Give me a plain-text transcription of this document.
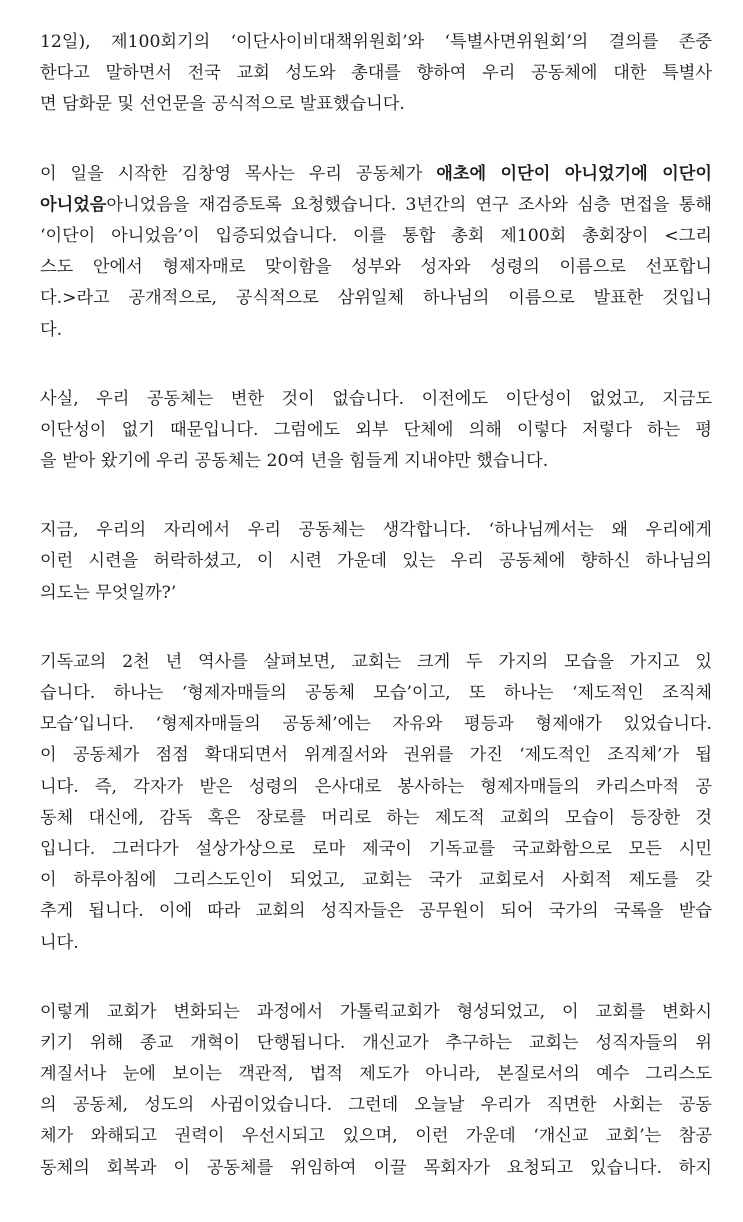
12일), 제100회기의 ‘이단사이비대책위원회’와 ‘특별사면위원회’의 결의를 존중
한다고 말하면서 전국 교회 성도와 총대를 향하여 우리 공동체에 대한 특별사
면 담화문 및 선언문을 공식적으로 발표했습니다.
이 일을 시작한 김창영 목사는 우리 공동체가 애초에 이단이 아니었기에 이단이
아니었음아니었음을 재검증토록 요청했습니다. 3년간의 연구 조사와 심층 면접을 통해
‘이단이 아니었음’이 입증되었습니다. 이를 통합 총회 제100회 총회장이 <그리
스도 안에서 형제자매로 맞이함을 성부와 성자와 성령의 이름으로 선포합니
다.>라고 공개적으로, 공식적으로 삼위일체 하나님의 이름으로 발표한 것입니
다.
사실, 우리 공동체는 변한 것이 없습니다. 이전에도 이단성이 없었고, 지금도
이단성이 없기 때문입니다. 그럼에도 외부 단체에 의해 이렇다 저렇다 하는 평
을 받아 왔기에 우리 공동체는 20여 년을 힘들게 지내야만 했습니다.
지금, 우리의 자리에서 우리 공동체는 생각합니다. ‘하나님께서는 왜 우리에게
이런 시련을 허락하셨고, 이 시련 가운데 있는 우리 공동체에 향하신 하나님의
의도는 무엇일까?’
기독교의 2천 년 역사를 살펴보면, 교회는 크게 두 가지의 모습을 가지고 있
습니다. 하나는 ‘형제자매들의 공동체 모습’이고, 또 하나는 ‘제도적인 조직체
모습’입니다. ‘형제자매들의 공동체’에는 자유와 평등과 형제애가 있었습니다.
이 공동체가 점점 확대되면서 위계질서와 권위를 가진 ‘제도적인 조직체’가 됩
니다. 즉, 각자가 받은 성령의 은사대로 봉사하는 형제자매들의 카리스마적 공
동체 대신에, 감독 혹은 장로를 머리로 하는 제도적 교회의 모습이 등장한 것
입니다. 그러다가 설상가상으로 로마 제국이 기독교를 국교화함으로 모든 시민
이 하루아침에 그리스도인이 되었고, 교회는 국가 교회로서 사회적 제도를 갖
추게 됩니다. 이에 따라 교회의 성직자들은 공무원이 되어 국가의 국록을 받습
니다.
이렇게 교회가 변화되는 과정에서 가톨릭교회가 형성되었고, 이 교회를 변화시
키기 위해 종교 개혁이 단행됩니다. 개신교가 추구하는 교회는 성직자들의 위
계질서나 눈에 보이는 객관적, 법적 제도가 아니라, 본질로서의 예수 그리스도
의 공동체, 성도의 사귐이었습니다. 그런데 오늘날 우리가 직면한 사회는 공동
체가 와해되고 권력이 우선시되고 있으며, 이런 가운데 ‘개신교 교회’는 참공
동체의 회복과 이 공동체를 위임하여 이끌 목회자가 요청되고 있습니다. 하지
